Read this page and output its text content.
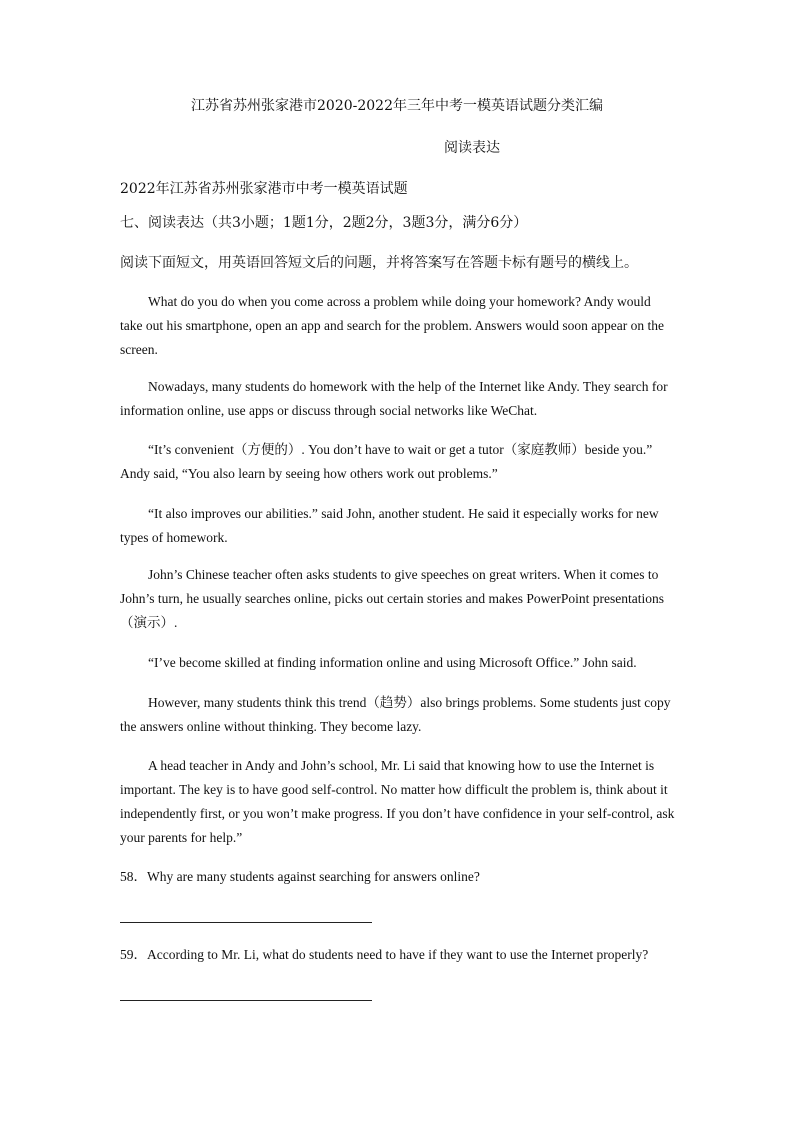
江苏省苏州张家港市2020-2022年三年中考一模英语试题分类汇编
阅读表达
2022年江苏省苏州张家港市中考一模英语试题
七、阅读表达（共3小题；1题1分，2题2分，3题3分，满分6分）
阅读下面短文，用英语回答短文后的问题，并将答案写在答题卡标有题号的横线上。

What do you do when you come across a problem while doing your homework? Andy would take out his smartphone, open an app and search for the problem. Answers would soon appear on the screen.

Nowadays, many students do homework with the help of the Internet like Andy. They search for information online, use apps or discuss through social networks like WeChat.

“It’s convenient（方便的）. You don’t have to wait or get a tutor（家庭教师）beside you.” Andy said, “You also learn by seeing how others work out problems.”

“It also improves our abilities.” said John, another student. He said it especially works for new types of homework.

John’s Chinese teacher often asks students to give speeches on great writers. When it comes to John’s turn, he usually searches online, picks out certain stories and makes PowerPoint presentations（演示）.

“I’ve become skilled at finding information online and using Microsoft Office.” John said.

However, many students think this trend（趋势）also brings problems. Some students just copy the answers online without thinking. They become lazy.

A head teacher in Andy and John’s school, Mr. Li said that knowing how to use the Internet is important. The key is to have good self-control. No matter how difficult the problem is, think about it independently first, or you won’t make progress. If you don’t have confidence in your self-control, ask your parents for help.”

58．Why are many students against searching for answers online?
59．According to Mr. Li, what do students need to have if they want to use the Internet properly?
